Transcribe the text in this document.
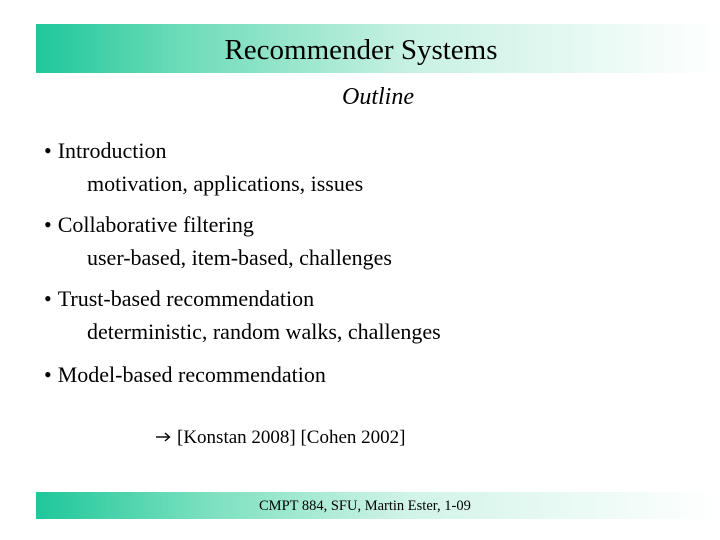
Recommender Systems
Outline
• Introduction
motivation, applications, issues
• Collaborative filtering
user-based, item-based, challenges
• Trust-based recommendation
deterministic, random walks, challenges
• Model-based recommendation
[Konstan 2008] [Cohen 2002]
CMPT 884, SFU, Martin Ester, 1-09
